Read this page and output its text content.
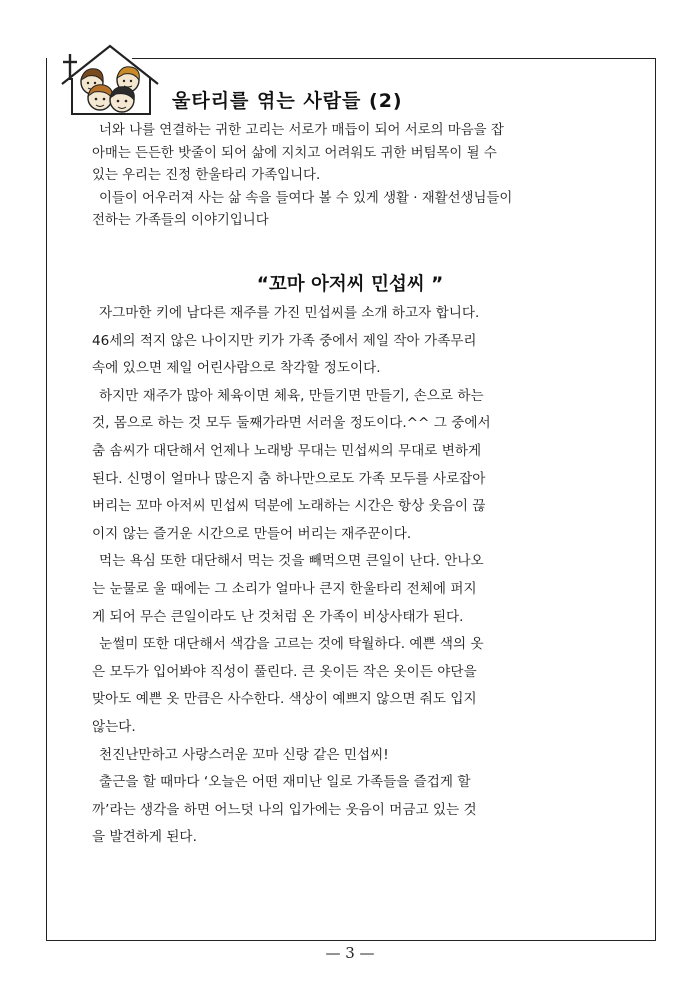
울타리를 엮는 사람들 (2)

너와 나를 연결하는 귀한 고리는 서로가 매듭이 되어 서로의 마음을 잡

아매는 든든한 밧줄이 되어 삶에 지치고 어려워도 귀한 버팀목이 될 수

있는 우리는 진정 한울타리 가족입니다.

이들이 어우러져 사는 삶 속을 들여다 볼 수 있게 생활 · 재활선생님들이

전하는 가족들의 이야기입니다

“꼬마 아저씨 민섭씨 ”

자그마한 키에 남다른 재주를 가진 민섭씨를 소개 하고자 합니다.

46세의 적지 않은 나이지만 키가 가족 중에서 제일 작아 가족무리

속에 있으면 제일 어린사람으로 착각할 정도이다.

하지만 재주가 많아 체육이면 체육, 만들기면 만들기, 손으로 하는

것, 몸으로 하는 것 모두 둘째가라면 서러울 정도이다.^^ 그 중에서

춤 솜씨가 대단해서 언제나 노래방 무대는 민섭씨의 무대로 변하게

된다. 신명이 얼마나 많은지 춤 하나만으로도 가족 모두를 사로잡아

버리는 꼬마 아저씨 민섭씨 덕분에 노래하는 시간은 항상 웃음이 끊

이지 않는 즐거운 시간으로 만들어 버리는 재주꾼이다.

먹는 욕심 또한 대단해서 먹는 것을 빼먹으면 큰일이 난다. 안나오

는 눈물로 울 때에는 그 소리가 얼마나 큰지 한울타리 전체에 퍼지

게 되어 무슨 큰일이라도 난 것처럼 온 가족이 비상사태가 된다.

눈썰미 또한 대단해서 색감을 고르는 것에 탁월하다. 예쁜 색의 옷

은 모두가 입어봐야 직성이 풀린다. 큰 옷이든 작은 옷이든 야단을

맞아도 예쁜 옷 만큼은 사수한다. 색상이 예쁘지 않으면 줘도 입지

않는다.

천진난만하고 사랑스러운 꼬마 신랑 같은 민섭씨!

출근을 할 때마다 ‘오늘은 어떤 재미난 일로 가족들을 즐겁게 할

까’라는 생각을 하면 어느덧 나의 입가에는 웃음이 머금고 있는 것

을 발견하게 된다.

— 3 —
